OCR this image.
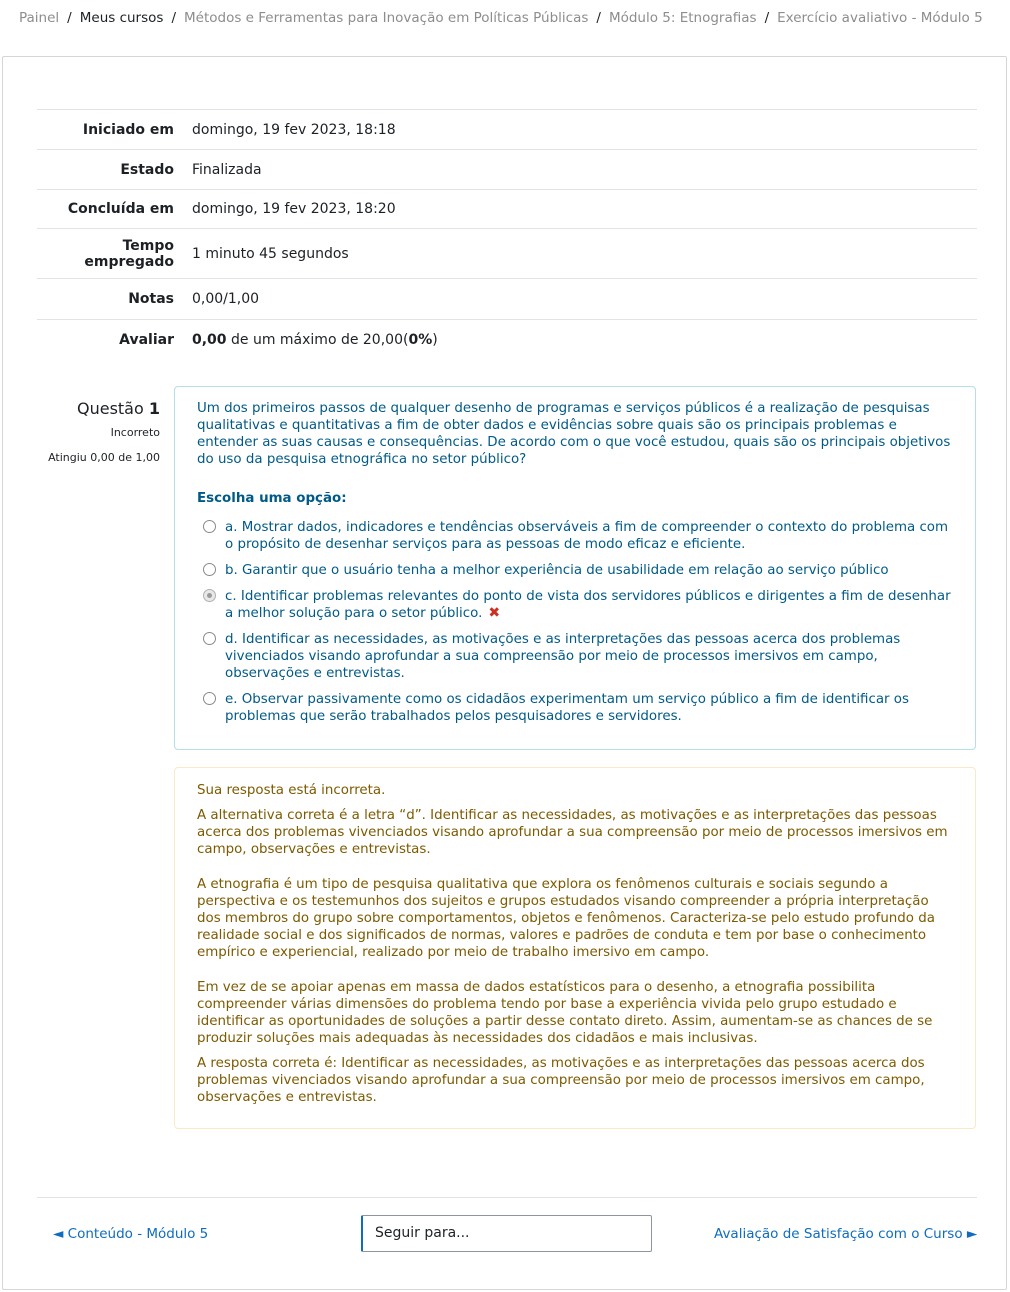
Painel / Meus cursos / Métodos e Ferramentas para Inovação em Políticas Públicas / Módulo 5: Etnografias / Exercício avaliativo - Módulo 5
Iniciado em	domingo, 19 fev 2023, 18:18
Estado	Finalizada
Concluída em	domingo, 19 fev 2023, 18:20
Tempo
empregado	1 minuto 45 segundos
Notas	0,00/1,00
Avaliar	0,00 de um máximo de 20,00(0%)
Questão 1
Incorreto
Atingiu 0,00 de 1,00

Um dos primeiros passos de qualquer desenho de programas e serviços públicos é a realização de pesquisas qualitativas e quantitativas a fim de obter dados e evidências sobre quais são os principais problemas e entender as suas causas e consequências. De acordo com o que você estudou, quais são os principais objetivos do uso da pesquisa etnográfica no setor público?

Escolha uma opção:
a. Mostrar dados, indicadores e tendências observáveis a fim de compreender o contexto do problema com o propósito de desenhar serviços para as pessoas de modo eficaz e eficiente.
b. Garantir que o usuário tenha a melhor experiência de usabilidade em relação ao serviço público
c. Identificar problemas relevantes do ponto de vista dos servidores públicos e dirigentes a fim de desenhar a melhor solução para o setor público. ✖
d. Identificar as necessidades, as motivações e as interpretações das pessoas acerca dos problemas vivenciados visando aprofundar a sua compreensão por meio de processos imersivos em campo, observações e entrevistas.
e. Observar passivamente como os cidadãos experimentam um serviço público a fim de identificar os problemas que serão trabalhados pelos pesquisadores e servidores.

Sua resposta está incorreta.

A alternativa correta é a letra “d”. Identificar as necessidades, as motivações e as interpretações das pessoas acerca dos problemas vivenciados visando aprofundar a sua compreensão por meio de processos imersivos em campo, observações e entrevistas.

A etnografia é um tipo de pesquisa qualitativa que explora os fenômenos culturais e sociais segundo a perspectiva e os testemunhos dos sujeitos e grupos estudados visando compreender a própria interpretação dos membros do grupo sobre comportamentos, objetos e fenômenos. Caracteriza-se pelo estudo profundo da realidade social e dos significados de normas, valores e padrões de conduta e tem por base o conhecimento empírico e experiencial, realizado por meio de trabalho imersivo em campo.

Em vez de se apoiar apenas em massa de dados estatísticos para o desenho, a etnografia possibilita compreender várias dimensões do problema tendo por base a experiência vivida pelo grupo estudado e identificar as oportunidades de soluções a partir desse contato direto. Assim, aumentam-se as chances de se produzir soluções mais adequadas às necessidades dos cidadãos e mais inclusivas.

A resposta correta é: Identificar as necessidades, as motivações e as interpretações das pessoas acerca dos problemas vivenciados visando aprofundar a sua compreensão por meio de processos imersivos em campo, observações e entrevistas.

◄ Conteúdo - Módulo 5	Seguir para...	Avaliação de Satisfação com o Curso ►
